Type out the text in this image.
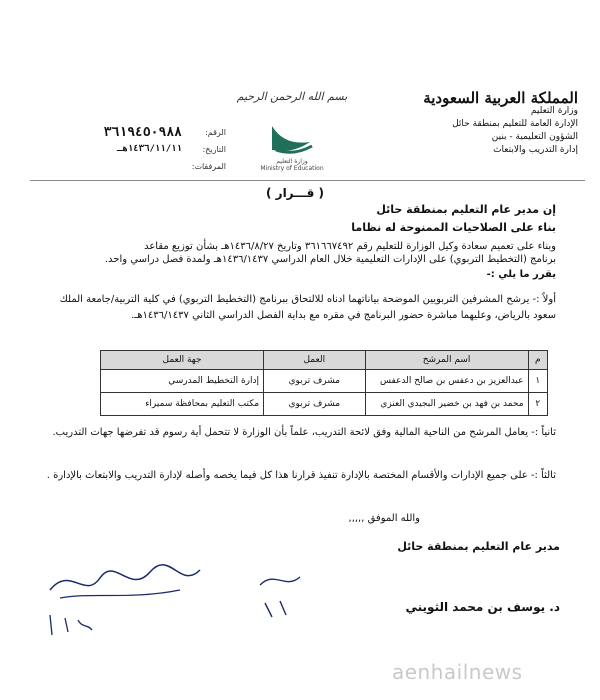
المملكة العربية السعودية
وزارة التعليم
الإدارة العامة للتعليم بمنطقة حائل
الشؤون التعليمية - بنين
إدارة التدريب والابتعاث
بسم الله الرحمن الرحيم
وزارة التعليم
Ministry of Education
الرقم:
٣٦١٩٤٥٠٩٨٨
التاريخ:
١٤٣٦/١١/١١هـ
المرفقات:
( قـــرار )
إن مدير عام التعليم بمنطقة حائل
بناء على الصلاحيات الممنوحة له نظاما
وبناء على تعميم سعادة وكيل الوزارة للتعليم رقم ٣٦١٦٦٧٤٩٢ وتاريخ ١٤٣٦/٨/٢٧هـ بشأن توزيع مقاعد
برنامج (التخطيط التربوي) على الإدارات التعليمية خلال العام الدراسي ١٤٣٦/١٤٣٧هـ ولمدة فصل دراسي واحد.
يقرر ما يلي :-
أولاً :- يرشح المشرفين التربويين الموضحة بياناتهما ادناه للالتحاق ببرنامج (التخطيط التربوي) في كلية التربية/جامعة الملك سعود بالرياض، وعليهما مباشرة حضور البرنامج في مقره مع بداية الفصل الدراسي الثاني ١٤٣٦/١٤٣٧هـ.
م	اسم المرشح	العمل	جهة العمل
١	عبدالعزيز بن دعفس بن صالح الدعفس	مشرف تربوي	إدارة التخطيط المدرسي
٢	محمد بن فهد بن خضير البجيدي العنزي	مشرف تربوي	مكتب التعليم بمحافظة سميراء
ثانياً :- يعامل المرشح من الناحية المالية وفق لائحة التدريب، علماً بأن الوزارة لا تتحمل أية رسوم قد تفرضها جهات التدريب.
ثالثاً :- على جميع الإدارات والأقسام المختصة بالإدارة تنفيذ قرارنا هذا كل فيما يخصه وأصله لإدارة التدريب والابتعاث بالإدارة .
والله الموفق ,,,,,
مدير عام التعليم بمنطقة حائل
د. يوسف بن محمد الثويني
aenhailnews
